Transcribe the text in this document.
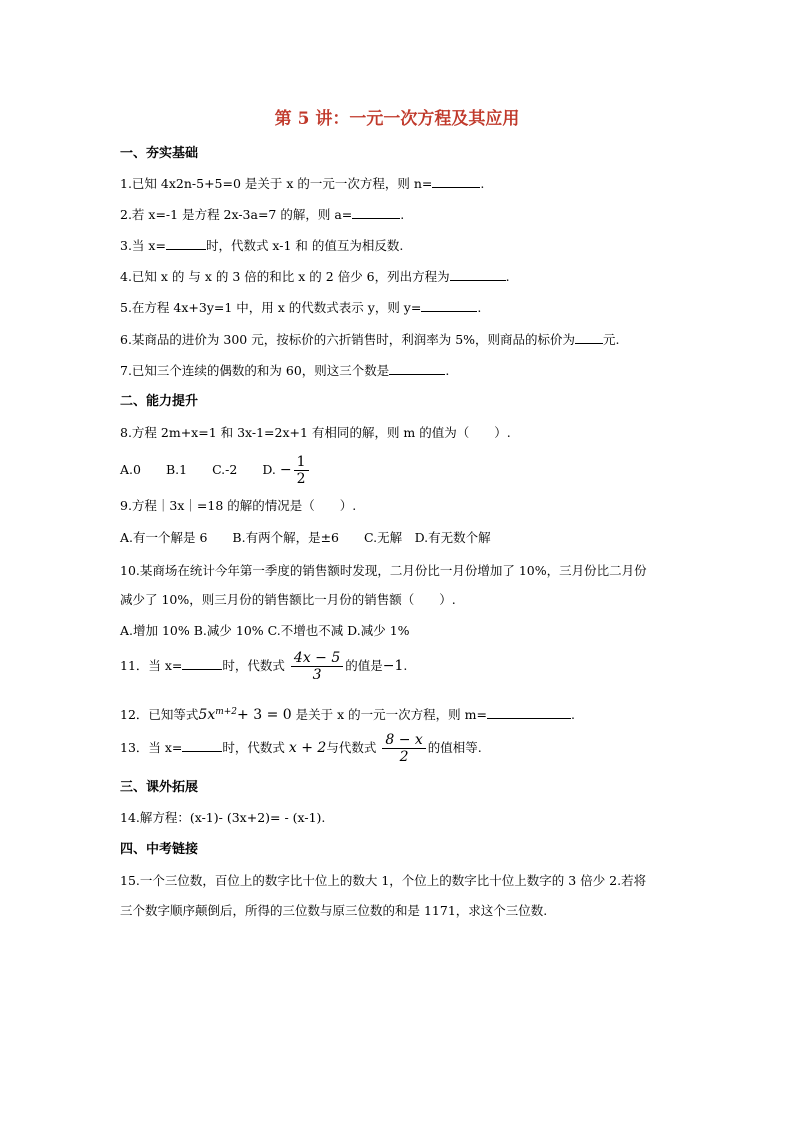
第 5 讲：一元一次方程及其应用
一、夯实基础
1.已知 4x2n-5+5=0 是关于 x 的一元一次方程，则 n=	.
2.若 x=-1 是方程 2x-3a=7 的解，则 a=	.
3.当 x=	时，代数式 x-1 和 的值互为相反数.
4.已知 x 的 与 x 的 3 倍的和比 x 的 2 倍少 6，列出方程为	.
5.在方程 4x+3y=1 中，用 x 的代数式表示 y，则 y=	.
6.某商品的进价为 300 元，按标价的六折销售时，利润率为 5%，则商品的标价为 元.
7.已知三个连续的偶数的和为 60，则这三个数是	.
二、能力提升
8.方程 2m+x=1 和 3x-1=2x+1 有相同的解，则 m 的值为（　　）.
A.0　　B.1　　C.-2　　D. − $\frac{1}{2}$
9.方程｜3x｜=18 的解的情况是（　　）.
A.有一个解是 6　　B.有两个解，是±6　　C.无解　D.有无数个解
10.某商场在统计今年第一季度的销售额时发现，二月份比一月份增加了 10%，三月份比二月份
减少了 10%，则三月份的销售额比一月份的销售额（　　）.
A.增加 10% B.减少 10% C.不增也不减 D.减少 1%
11．当 x=	时，代数式 $\frac{4x - 5}{3}$ 的值是−1.
12．已知等式$5x^{m+2}+ 3 = 0$ 是关于 x 的一元一次方程，则 m=	.
13．当 x=	时，代数式 x + 2与代数式 $\frac{8 - x}{2}$ 的值相等.
三、课外拓展
14.解方程：(x-1)- (3x+2)= - (x-1).
四、中考链接
15.一个三位数，百位上的数字比十位上的数大 1，个位上的数字比十位上数字的 3 倍少 2.若将
三个数字顺序颠倒后，所得的三位数与原三位数的和是 1171，求这个三位数.
